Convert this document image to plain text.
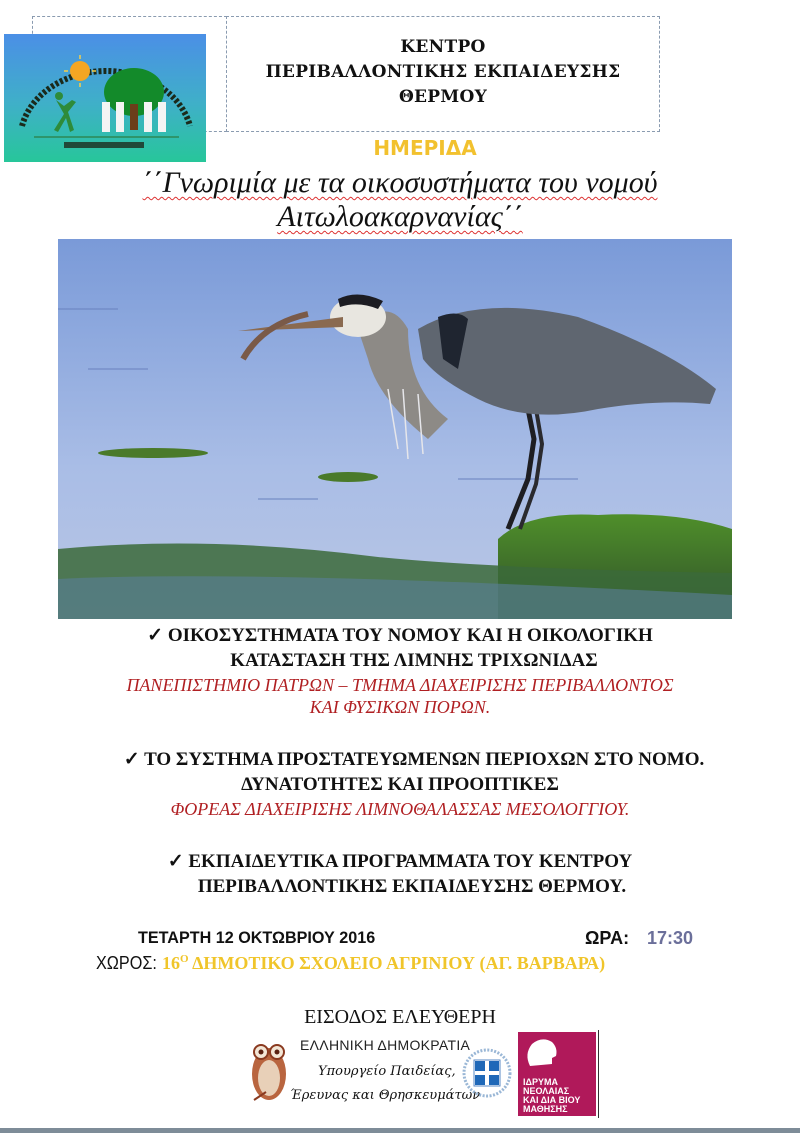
ΚΕΝΤΡΟ
ΠΕΡΙΒΑΛΛΟΝΤΙΚΗΣ ΕΚΠΑΙΔΕΥΣΗΣ
ΘΕΡΜΟΥ
ΗΜΕΡΙΔΑ
΄΄Γνωριμία με τα οικοσυστήματα του νομού
Αιτωλοακαρνανίας΄΄
✓ ΟΙΚΟΣΥΣΤΗΜΑΤΑ ΤΟΥ ΝΟΜΟΥ ΚΑΙ Η ΟΙΚΟΛΟΓΙΚΗ
ΚΑΤΑΣΤΑΣΗ ΤΗΣ ΛΙΜΝΗΣ ΤΡΙΧΩΝΙΔΑΣ
ΠΑΝΕΠΙΣΤΗΜΙΟ ΠΑΤΡΩΝ – ΤΜΗΜΑ ΔΙΑΧΕΙΡΙΣΗΣ ΠΕΡΙΒΑΛΛΟΝΤΟΣ
ΚΑΙ ΦΥΣΙΚΩΝ ΠΟΡΩΝ.
✓ ΤΟ ΣΥΣΤΗΜΑ ΠΡΟΣΤΑΤΕΥΩΜΕΝΩΝ ΠΕΡΙΟΧΩΝ ΣΤΟ ΝΟΜΟ.
ΔΥΝΑΤΟΤΗΤΕΣ ΚΑΙ ΠΡΟΟΠΤΙΚΕΣ
ΦΟΡΕΑΣ ΔΙΑΧΕΙΡΙΣΗΣ ΛΙΜΝΟΘΑΛΑΣΣΑΣ ΜΕΣΟΛΟΓΓΙΟΥ.
✓ ΕΚΠΑΙΔΕΥΤΙΚΑ ΠΡΟΓΡΑΜΜΑΤΑ ΤΟΥ ΚΕΝΤΡΟΥ
ΠΕΡΙΒΑΛΛΟΝΤΙΚΗΣ ΕΚΠΑΙΔΕΥΣΗΣ ΘΕΡΜΟΥ.
ΤΕΤΑΡΤΗ 12 ΟΚΤΩΒΡΙΟΥ 2016	ΩΡΑ: 17:30
ΧΩΡΟΣ: $16^O$ ΔΗΜΟΤΙΚΟ ΣΧΟΛΕΙΟ ΑΓΡΙΝΙΟΥ (ΑΓ. ΒΑΡΒΑΡΑ)
ΕΙΣΟΔΟΣ ΕΛΕΥΘΕΡΗ
ΕΛΛΗΝΙΚΗ ΔΗΜΟΚΡΑΤΙΑ
Υπουργείο Παιδείας,
Έρευνας και Θρησκευμάτων
ΙΔΡΥΜΑ
ΝΕΟΛΑΙΑΣ
ΚΑΙ ΔΙΑ ΒΙΟΥ
ΜΑΘΗΣΗΣ
